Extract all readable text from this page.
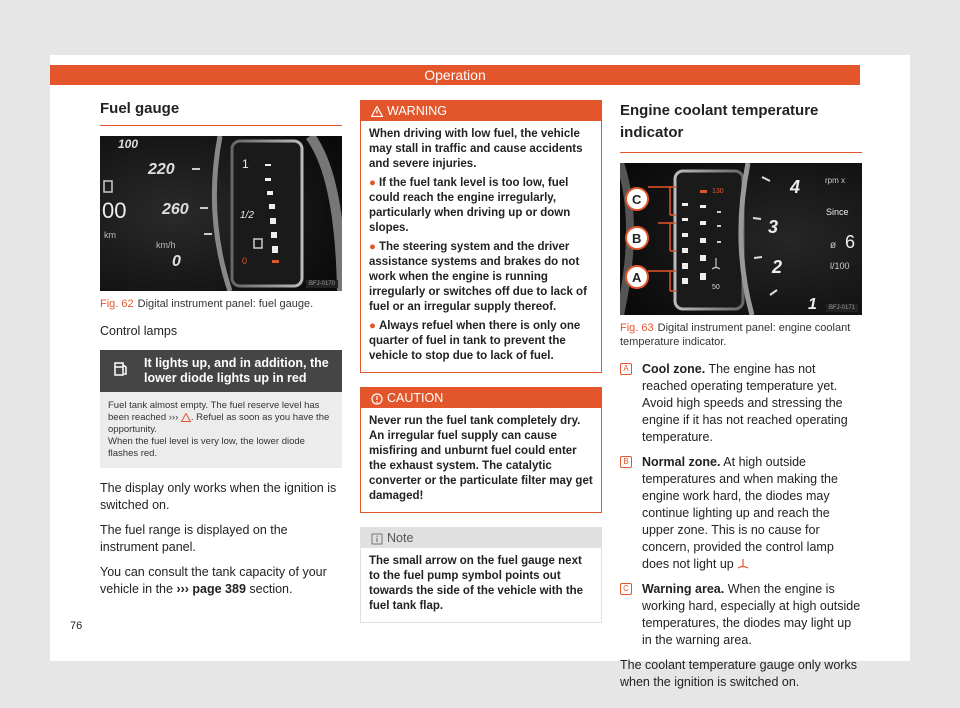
Operation
Fuel gauge
100
220
260
00
km
km/h
0
1
1/2
0
BFJ-0170
Fig. 62 Digital instrument panel: fuel gauge.
Control lamps
It lights up, and in addition, the lower diode lights up in red
Fuel tank almost empty. The fuel reserve level has been reached ››› . Refuel as soon as you have the opportunity.
When the fuel level is very low, the lower diode flashes red.
The display only works when the ignition is switched on.
The fuel range is displayed on the instrument panel.
You can consult the tank capacity of your vehicle in the ››› page 389 section.
WARNING
When driving with low fuel, the vehicle may stall in traffic and cause accidents and severe injuries.
● If the fuel tank level is too low, fuel could reach the engine irregularly, particularly when driving up or down slopes.
● The steering system and the driver assistance systems and brakes do not work when the engine is running irregularly or switches off due to lack of fuel or an irregular supply thereof.
● Always refuel when there is only one quarter of fuel in tank to prevent the vehicle to stop due to lack of fuel.
CAUTION
Never run the fuel tank completely dry. An irregular fuel supply can cause misfiring and unburnt fuel could enter the exhaust system. The catalytic converter or the particulate filter may get damaged!
Note
The small arrow on the fuel gauge next to the fuel pump symbol points out towards the side of the vehicle with the fuel tank flap.
Engine coolant temperature indicator
130
50
C
B
A
4
3
2
1
rpm x
Since
ø 6
l/100
BFJ-0171
Fig. 63 Digital instrument panel: engine coolant temperature indicator.
A Cool zone. The engine has not reached operating temperature yet. Avoid high speeds and stressing the engine if it has not reached operating temperature.
B Normal zone. At high outside temperatures and when making the engine work hard, the diodes may continue lighting up and reach the upper zone. This is no cause for concern, provided the control lamp does not light up
C Warning area. When the engine is working hard, especially at high outside temperatures, the diodes may light up in the warning area.
The coolant temperature gauge only works when the ignition is switched on.
76
